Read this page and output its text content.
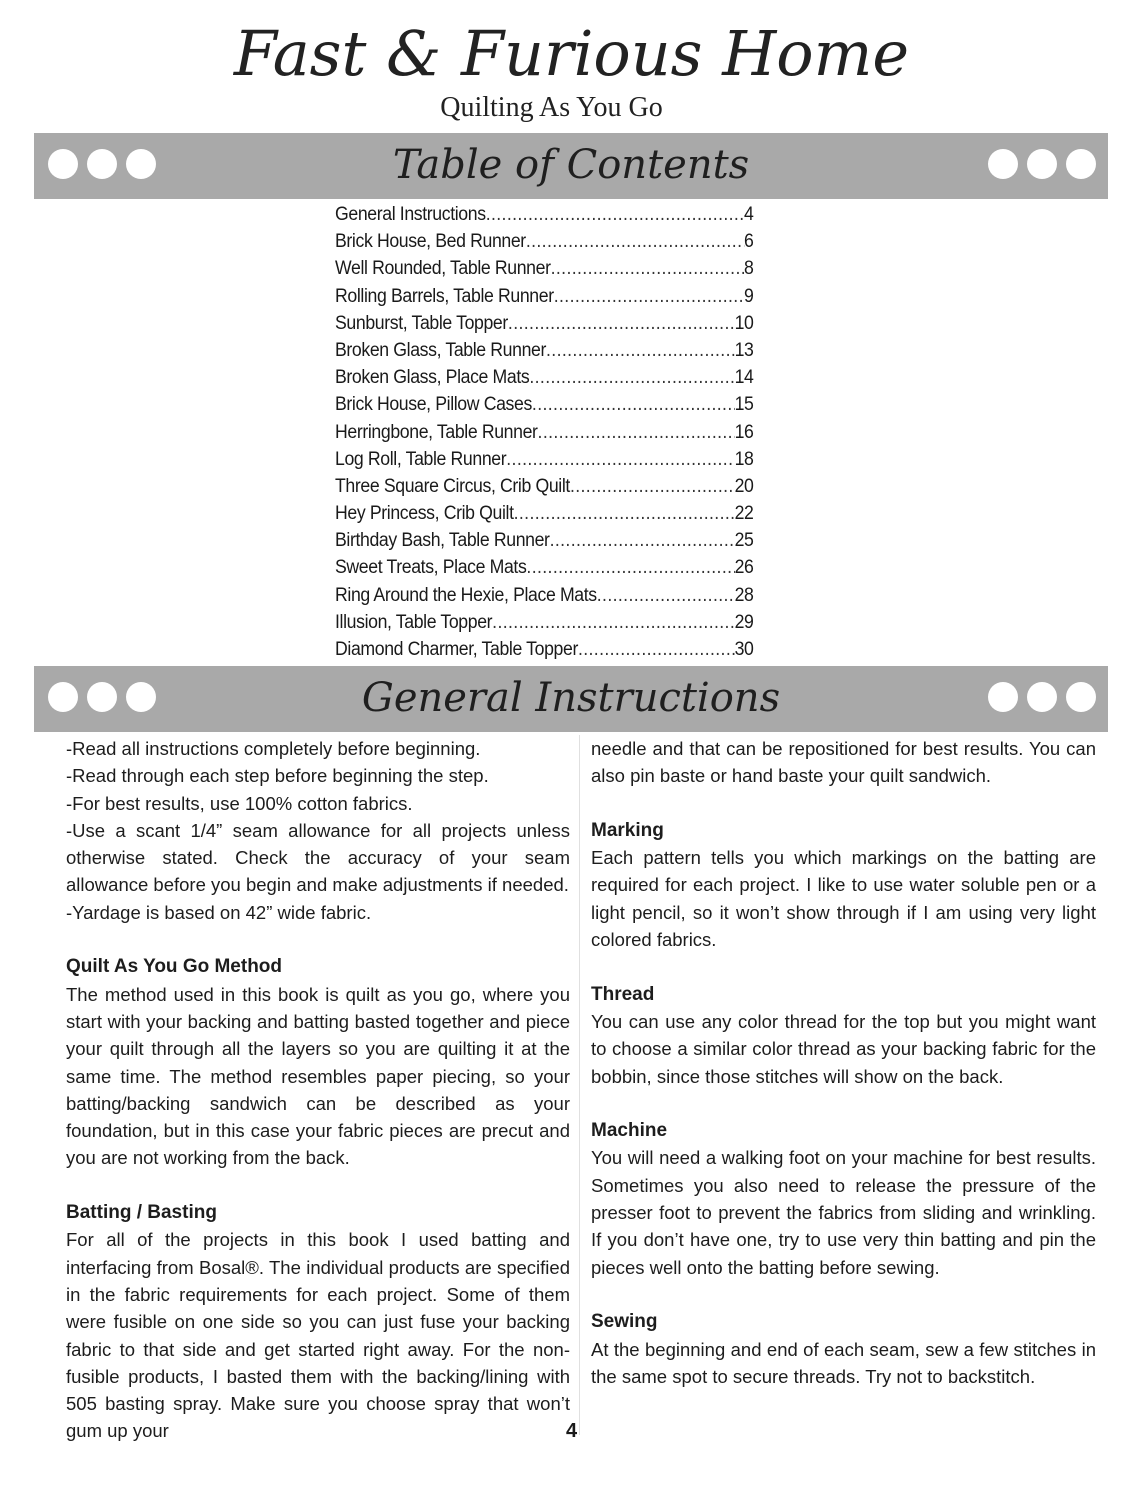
Fast & Furious Home
Quilting As You Go
Table of Contents
General Instructions .....	4
Brick House, Bed Runner .....	6
Well Rounded, Table Runner .....	8
Rolling Barrels, Table Runner .....	9
Sunburst, Table Topper .....	10
Broken Glass, Table Runner .....	13
Broken Glass, Place Mats .....	14
Brick House, Pillow Cases .....	15
Herringbone, Table Runner .....	16
Log Roll, Table Runner .....	18
Three Square Circus, Crib Quilt .....	20
Hey Princess, Crib Quilt .....	22
Birthday Bash, Table Runner .....	25
Sweet Treats, Place Mats .....	26
Ring Around the Hexie, Place Mats .....	28
Illusion, Table Topper .....	29
Diamond Charmer, Table Topper .....	30
General Instructions

-Read all instructions completely before beginning.

-Read through each step before beginning the step.

-For best results, use 100% cotton fabrics.

-Use a scant 1/4” seam allowance for all projects unless otherwise stated. Check the accuracy of your seam allowance before you begin and make adjustments if needed.

-Yardage is based on 42” wide fabric.

Quilt As You Go Method

The method used in this book is quilt as you go, where you start with your backing and batting basted together and piece your quilt through all the layers so you are quilting it at the same time. The method resembles paper piecing, so your batting/backing sandwich can be described as your foundation, but in this case your fabric pieces are precut and you are not working from the back.

Batting / Basting

For all of the projects in this book I used batting and interfacing from Bosal®. The individual products are specified in the fabric requirements for each project. Some of them were fusible on one side so you can just fuse your backing fabric to that side and get started right away. For the non-fusible products, I basted them with the backing/lining with 505 basting spray. Make sure you choose spray that won’t gum up your

needle and that can be repositioned for best results. You can also pin baste or hand baste your quilt sandwich.

Marking

Each pattern tells you which markings on the batting are required for each project. I like to use water soluble pen or a light pencil, so it won’t show through if I am using very light colored fabrics.

Thread

You can use any color thread for the top but you might want to choose a similar color thread as your backing fabric for the bobbin, since those stitches will show on the back.

Machine

You will need a walking foot on your machine for best results. Sometimes you also need to release the pressure of the presser foot to prevent the fabrics from sliding and wrinkling. If you don’t have one, try to use very thin batting and pin the pieces well onto the batting before sewing.

Sewing

At the beginning and end of each seam, sew a few stitches in the same spot to secure threads. Try not to backstitch.

4
